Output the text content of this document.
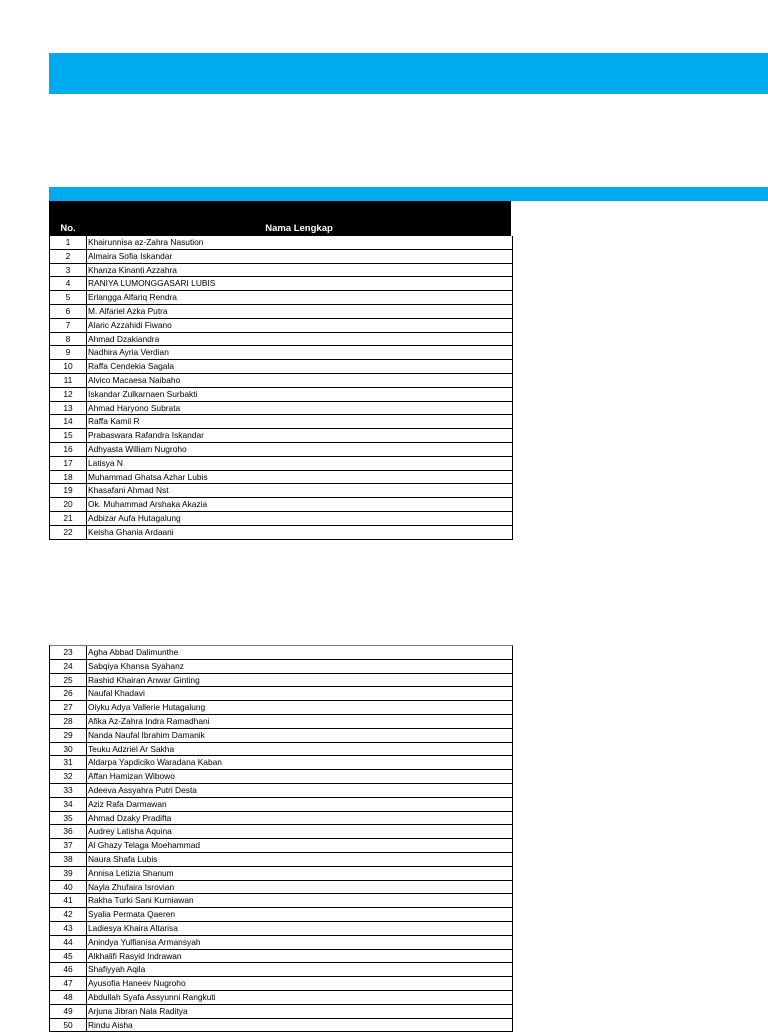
No.	Nama Lengkap
1	Khairunnisa az-Zahra Nasution
2	Almaira Sofia Iskandar
3	Khanza Kinanti Azzahra
4	RANIYA LUMONGGASARI LUBIS
5	Erlangga Alfariq Rendra
6	M. Alfariel Azka Putra
7	Alaric Azzahidi Fiwano
8	Ahmad Dzakiandra
9	Nadhira Ayria Verdian
10	Raffa Cendekia Sagala
11	Alvico Macaesa Naibaho
12	Iskandar Zulkarnaen Surbakti
13	Ahmad Haryono Subrata
14	Raffa Kamil R
15	Prabaswara Rafandra Iskandar
16	Adhyasta William Nugroho
17	Latisya N
18	Muhammad Ghatsa Azhar Lubis
19	Khasafani Ahmad Nst
20	Ok. Muhammad Arshaka Akazia
21	Adbizar Aufa Hutagalung
22	Keisha Ghania Ardaani
23	Agha Abbad Dalimunthe
24	Sabqiya Khansa Syahanz
25	Rashid Khairan Anwar Ginting
26	Naufal Khadavi
27	Oiyku Adya Vallerie Hutagalung
28	Afika Az-Zahra Indra Ramadhani
29	Nanda Naufal Ibrahim Damanik
30	Teuku Adzriel Ar Sakha
31	Aldarpa Yapdiciko Waradana Kaban
32	Affan Hamizan Wibowo
33	Adeeva Assyahra Putri Desta
34	Aziz Rafa Darmawan
35	Ahmad Dzaky Pradifta
36	Audrey Latisha Aquina
37	Al Ghazy Telaga Moehammad
38	Naura Shafa Lubis
39	Annisa Letizia Shanum
40	Nayla Zhufaira Isrovian
41	Rakha Turki Sani Kurniawan
42	Syalia Permata Qaeren
43	Ladiesya Khaira Altarisa
44	Anindya Yulfianisa Armansyah
45	Alkhalifi Rasyid Indrawan
46	Shafiyyah Aqila
47	Ayusofia Haneev Nugroho
48	Abdullah Syafa Assyunni Rangkuti
49	Arjuna Jibran Nala Raditya
50	Rindu Aisha
